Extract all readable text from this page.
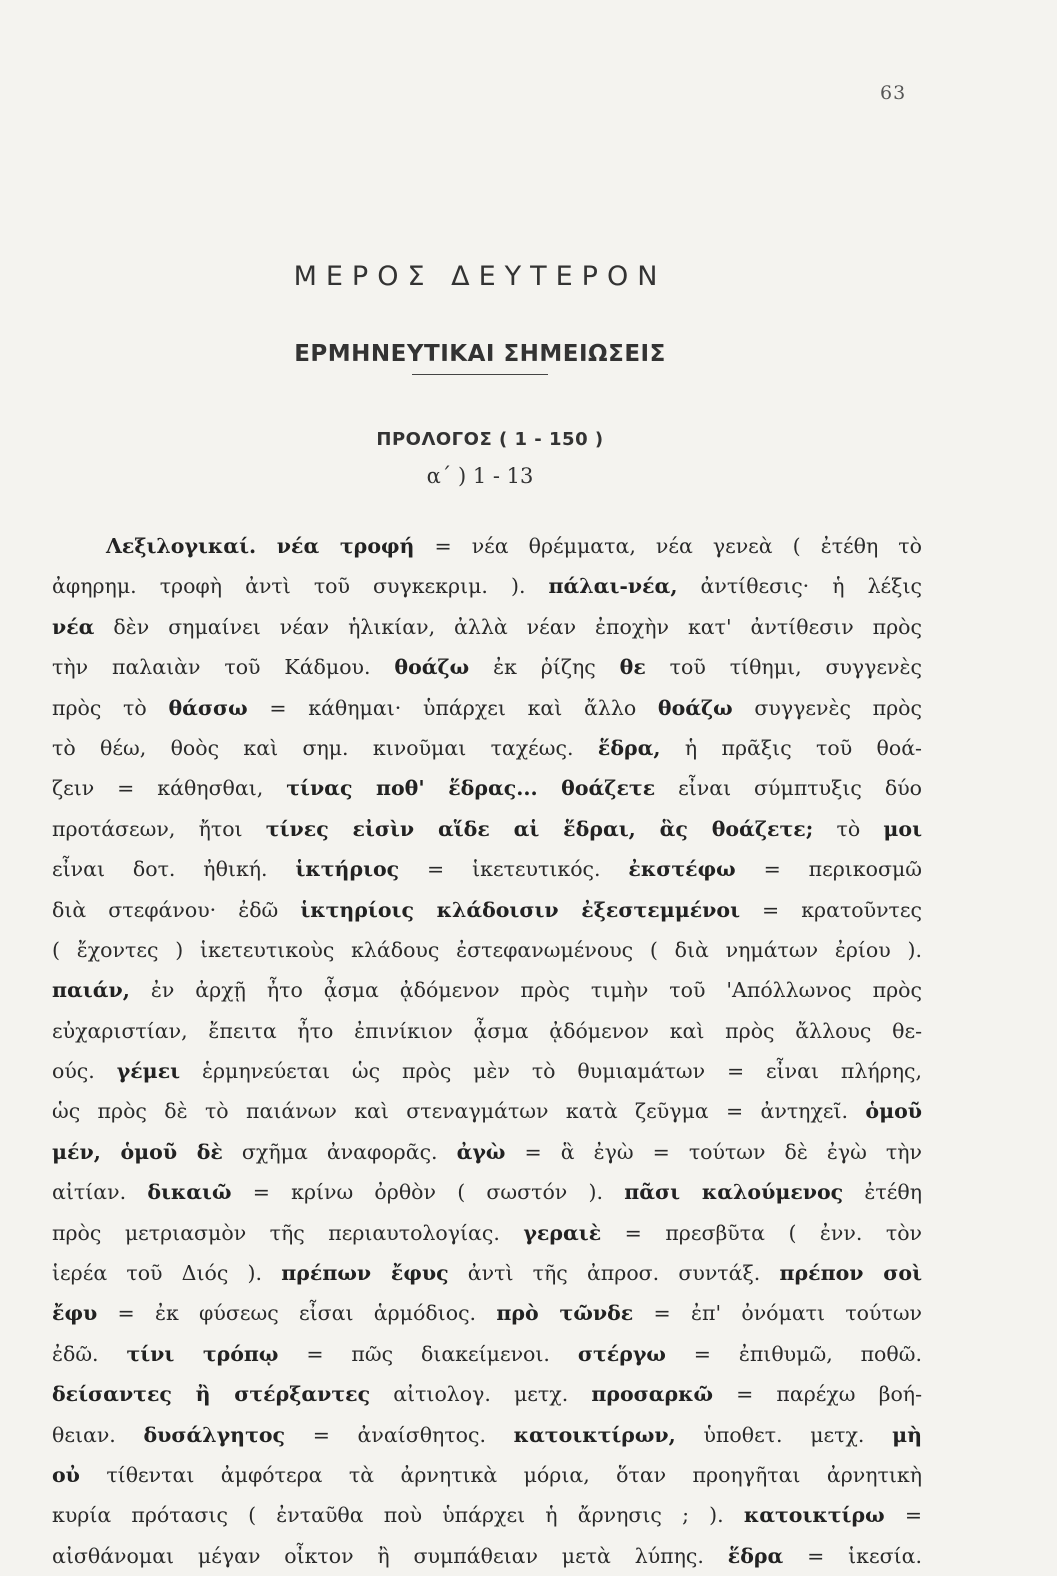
63
ΜΕΡΟΣ ΔΕΥΤΕΡΟΝ
ΕΡΜΗΝΕΥΤΙΚΑΙ ΣΗΜΕΙΩΣΕΙΣ
ΠΡΟΛΟΓΟΣ ( 1 - 150 )
α΄ ) 1 - 13
Λεξιλογικαί. νέα τροφή = νέα θρέμματα, νέα γενεὰ ( ἐτέθη τὸ
ἀφηρημ. τροφὴ ἀντὶ τοῦ συγκεκριμ. ). πάλαι-νέα, ἀντίθεσις· ἡ λέξις
νέα δὲν σημαίνει νέαν ἡλικίαν, ἀλλὰ νέαν ἐποχὴν κατ' ἀντίθεσιν πρὸς
τὴν παλαιὰν τοῦ Κάδμου. θοάζω ἐκ ῥίζης θε τοῦ τίθημι, συγγενὲς
πρὸς τὸ θάσσω = κάθημαι· ὑπάρχει καὶ ἄλλο θοάζω συγγενὲς πρὸς
τὸ θέω, θοὸς καὶ σημ. κινοῦμαι ταχέως. ἕδρα, ἡ πρᾶξις τοῦ θοά-
ζειν = κάθησθαι, τίνας ποθ' ἕδρας... θοάζετε εἶναι σύμπτυξις δύο
προτάσεων, ἤτοι τίνες εἰσὶν αἵδε αἱ ἕδραι, ἃς θοάζετε; τὸ μοι
εἶναι δοτ. ἠθική. ἱκτήριος = ἱκετευτικός. ἐκστέφω = περικοσμῶ
διὰ στεφάνου· ἐδῶ ἱκτηρίοις κλάδοισιν ἐξεστεμμένοι = κρατοῦντες
( ἔχοντες ) ἱκετευτικοὺς κλάδους ἐστεφανωμένους ( διὰ νημάτων ἐρίου ).
παιάν, ἐν ἀρχῇ ἦτο ᾆσμα ᾀδόμενον πρὸς τιμὴν τοῦ 'Απόλλωνος πρὸς
εὐχαριστίαν, ἔπειτα ἦτο ἐπινίκιον ᾆσμα ᾀδόμενον καὶ πρὸς ἄλλους θε-
ούς. γέμει ἑρμηνεύεται ὡς πρὸς μὲν τὸ θυμιαμάτων = εἶναι πλήρης,
ὡς πρὸς δὲ τὸ παιάνων καὶ στεναγμάτων κατὰ ζεῦγμα = ἀντηχεῖ. ὁμοῦ
μέν, ὁμοῦ δὲ σχῆμα ἀναφορᾶς. ἀγὼ = ἃ ἐγὼ = τούτων δὲ ἐγὼ τὴν
αἰτίαν. δικαιῶ = κρίνω ὀρθὸν ( σωστόν ). πᾶσι καλούμενος ἐτέθη
πρὸς μετριασμὸν τῆς περιαυτολογίας. γεραιὲ = πρεσβῦτα ( ἐνν. τὸν
ἱερέα τοῦ Διός ). πρέπων ἔφυς ἀντὶ τῆς ἀπροσ. συντάξ. πρέπον σοὶ
ἔφυ = ἐκ φύσεως εἶσαι ἁρμόδιος. πρὸ τῶνδε = ἐπ' ὀνόματι τούτων
ἐδῶ. τίνι τρόπῳ = πῶς διακείμενοι. στέργω = ἐπιθυμῶ, ποθῶ.
δείσαντες ἢ στέρξαντες αἰτιολογ. μετχ. προσαρκῶ = παρέχω βοή-
θειαν. δυσάλγητος = ἀναίσθητος. κατοικτίρων, ὑποθετ. μετχ. μὴ
οὐ τίθενται ἀμφότερα τὰ ἀρνητικὰ μόρια, ὅταν προηγῆται ἀρνητικὴ
κυρία πρότασις ( ἐνταῦθα ποὺ ὑπάρχει ἡ ἄρνησις ; ). κατοικτίρω =
αἰσθάνομαι μέγαν οἶκτον ἢ συμπάθειαν μετὰ λύπης. ἕδρα = ἱκεσία.
